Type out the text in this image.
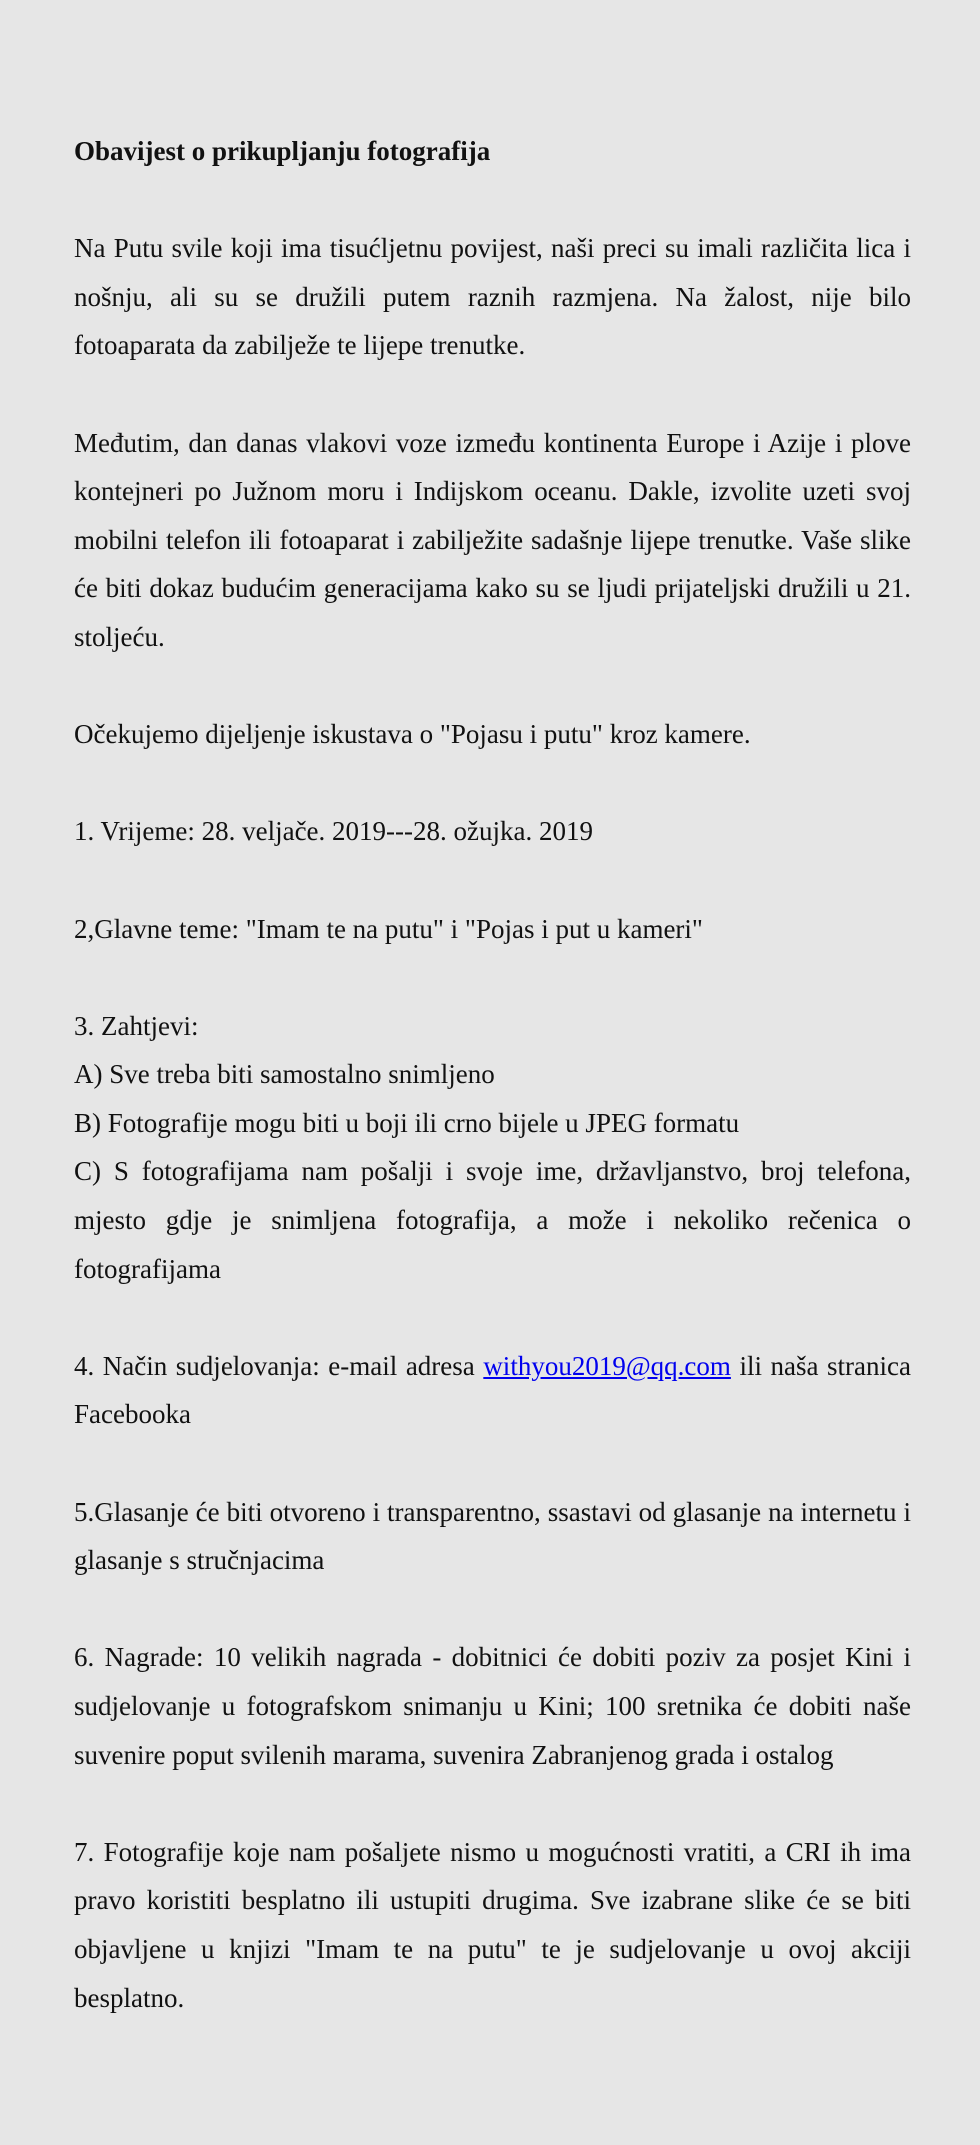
Obavijest o prikupljanju fotografija

Na Putu svile koji ima tisućljetnu povijest, naši preci su imali različita lica i nošnju, ali su se družili putem raznih razmjena. Na žalost, nije bilo fotoaparata da zabilježe te lijepe trenutke.

Međutim, dan danas vlakovi voze između kontinenta Europe i Azije i plove kontejneri po Južnom moru i Indijskom oceanu. Dakle, izvolite uzeti svoj mobilni telefon ili fotoaparat i zabilježite sadašnje lijepe trenutke. Vaše slike će biti dokaz budućim generacijama kako su se ljudi prijateljski družili u 21. stoljeću.

Očekujemo dijeljenje iskustava o "Pojasu i putu" kroz kamere.

1. Vrijeme: 28. veljače. 2019---28. ožujka. 2019

2,Glavne teme: "Imam te na putu" i "Pojas i put u kameri"

3. Zahtjevi:

A) Sve treba biti samostalno snimljeno

B) Fotografije mogu biti u boji ili crno bijele u JPEG formatu

C) S fotografijama nam pošalji i svoje ime, državljanstvo, broj telefona, mjesto gdje je snimljena fotografija, a može i nekoliko rečenica o fotografijama

4. Način sudjelovanja: e-mail adresa withyou2019@qq.com ili naša stranica Facebooka

5.Glasanje će biti otvoreno i transparentno, ssastavi od glasanje na internetu i glasanje s stručnjacima

6. Nagrade: 10 velikih nagrada - dobitnici će dobiti poziv za posjet Kini i sudjelovanje u fotografskom snimanju u Kini; 100 sretnika će dobiti naše suvenire poput svilenih marama, suvenira Zabranjenog grada i ostalog

7. Fotografije koje nam pošaljete nismo u mogućnosti vratiti, a CRI ih ima pravo koristiti besplatno ili ustupiti drugima. Sve izabrane slike će se biti objavljene u knjizi "Imam te na putu" te je sudjelovanje u ovoj akciji besplatno.
